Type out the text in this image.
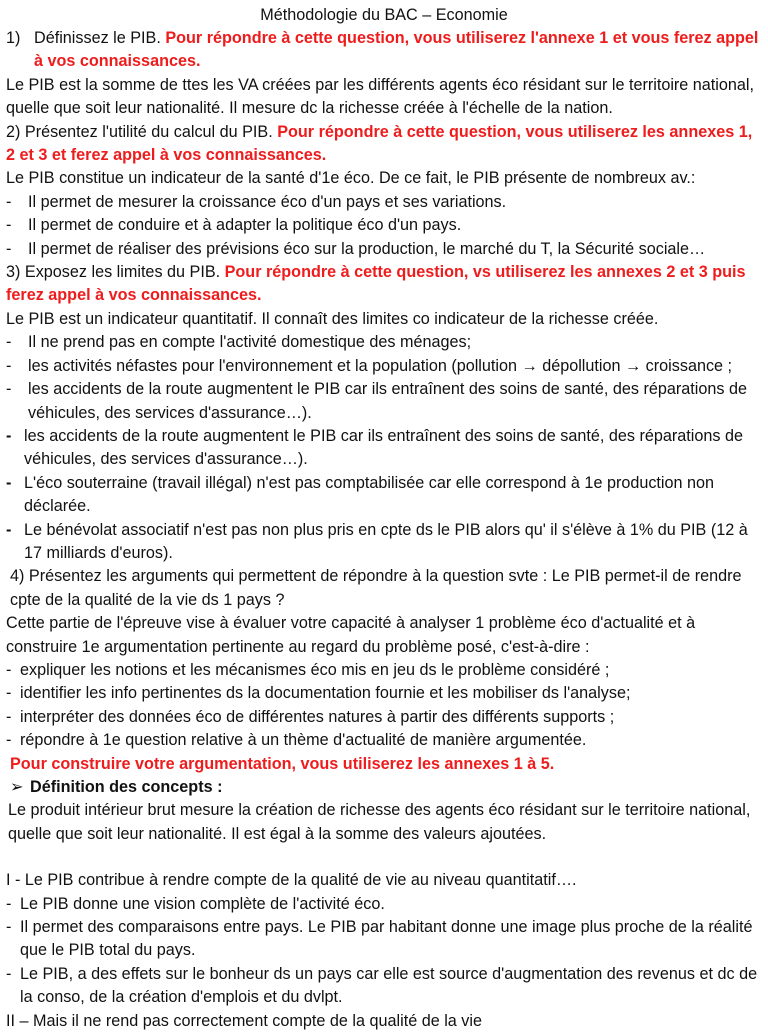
Méthodologie du BAC – Economie

1) Définissez le PIB. Pour répondre à cette question, vous utiliserez l'annexe 1 et vous ferez appel à vos connaissances.

Le PIB est la somme de ttes les VA créées par les différents agents éco résidant sur le territoire national, quelle que soit leur nationalité. Il mesure dc la richesse créée à l'échelle de la nation.

2) Présentez l'utilité du calcul du PIB. Pour répondre à cette question, vous utiliserez les annexes 1, 2 et 3 et ferez appel à vos connaissances.

Le PIB constitue un indicateur de la santé d'1e éco. De ce fait, le PIB présente de nombreux av.:

- Il permet de mesurer la croissance éco d'un pays et ses variations.

- Il permet de conduire et à adapter la politique éco d'un pays.

- Il permet de réaliser des prévisions éco sur la production, le marché du T, la Sécurité sociale…

3) Exposez les limites du PIB. Pour répondre à cette question, vs utiliserez les annexes 2 et 3 puis ferez appel à vos connaissances.

Le PIB est un indicateur quantitatif. Il connaît des limites co indicateur de la richesse créée.

- Il ne prend pas en compte l'activité domestique des ménages;

- les activités néfastes pour l'environnement et la population (pollution → dépollution → croissance ;

- les accidents de la route augmentent le PIB car ils entraînent des soins de santé, des réparations de véhicules, des services d'assurance…).

‐ les accidents de la route augmentent le PIB car ils entraînent des soins de santé, des réparations de véhicules, des services d'assurance…).

‐ L'éco souterraine (travail illégal) n'est pas comptabilisée car elle correspond à 1e production non déclarée.

‐ Le bénévolat associatif n'est pas non plus pris en cpte ds le PIB alors qu' il s'élève à 1% du PIB (12 à 17 milliards d'euros).

4) Présentez les arguments qui permettent de répondre à la question svte : Le PIB permet-il de rendre cpte de la qualité de la vie ds 1 pays ?

Cette partie de l'épreuve vise à évaluer votre capacité à analyser 1 problème éco d'actualité et à construire 1e argumentation pertinente au regard du problème posé, c'est-à-dire :

- expliquer les notions et les mécanismes éco mis en jeu ds le problème considéré ;

- identifier les info pertinentes ds la documentation fournie et les mobiliser ds l'analyse;

- interpréter des données éco de différentes natures à partir des différents supports ;

- répondre à 1e question relative à un thème d'actualité de manière argumentée.

Pour construire votre argumentation, vous utiliserez les annexes 1 à 5.

➢ Définition des concepts :

Le produit intérieur brut mesure la création de richesse des agents éco résidant sur le territoire national, quelle que soit leur nationalité. Il est égal à la somme des valeurs ajoutées.

I - Le PIB contribue à rendre compte de la qualité de vie au niveau quantitatif….

- Le PIB donne une vision complète de l'activité éco.

- Il permet des comparaisons entre pays. Le PIB par habitant donne une image plus proche de la réalité que le PIB total du pays.

- Le PIB, a des effets sur le bonheur ds un pays car elle est source d'augmentation des revenus et dc de la conso, de la création d'emplois et du dvlpt.

II – Mais il ne rend pas correctement compte de la qualité de la vie
